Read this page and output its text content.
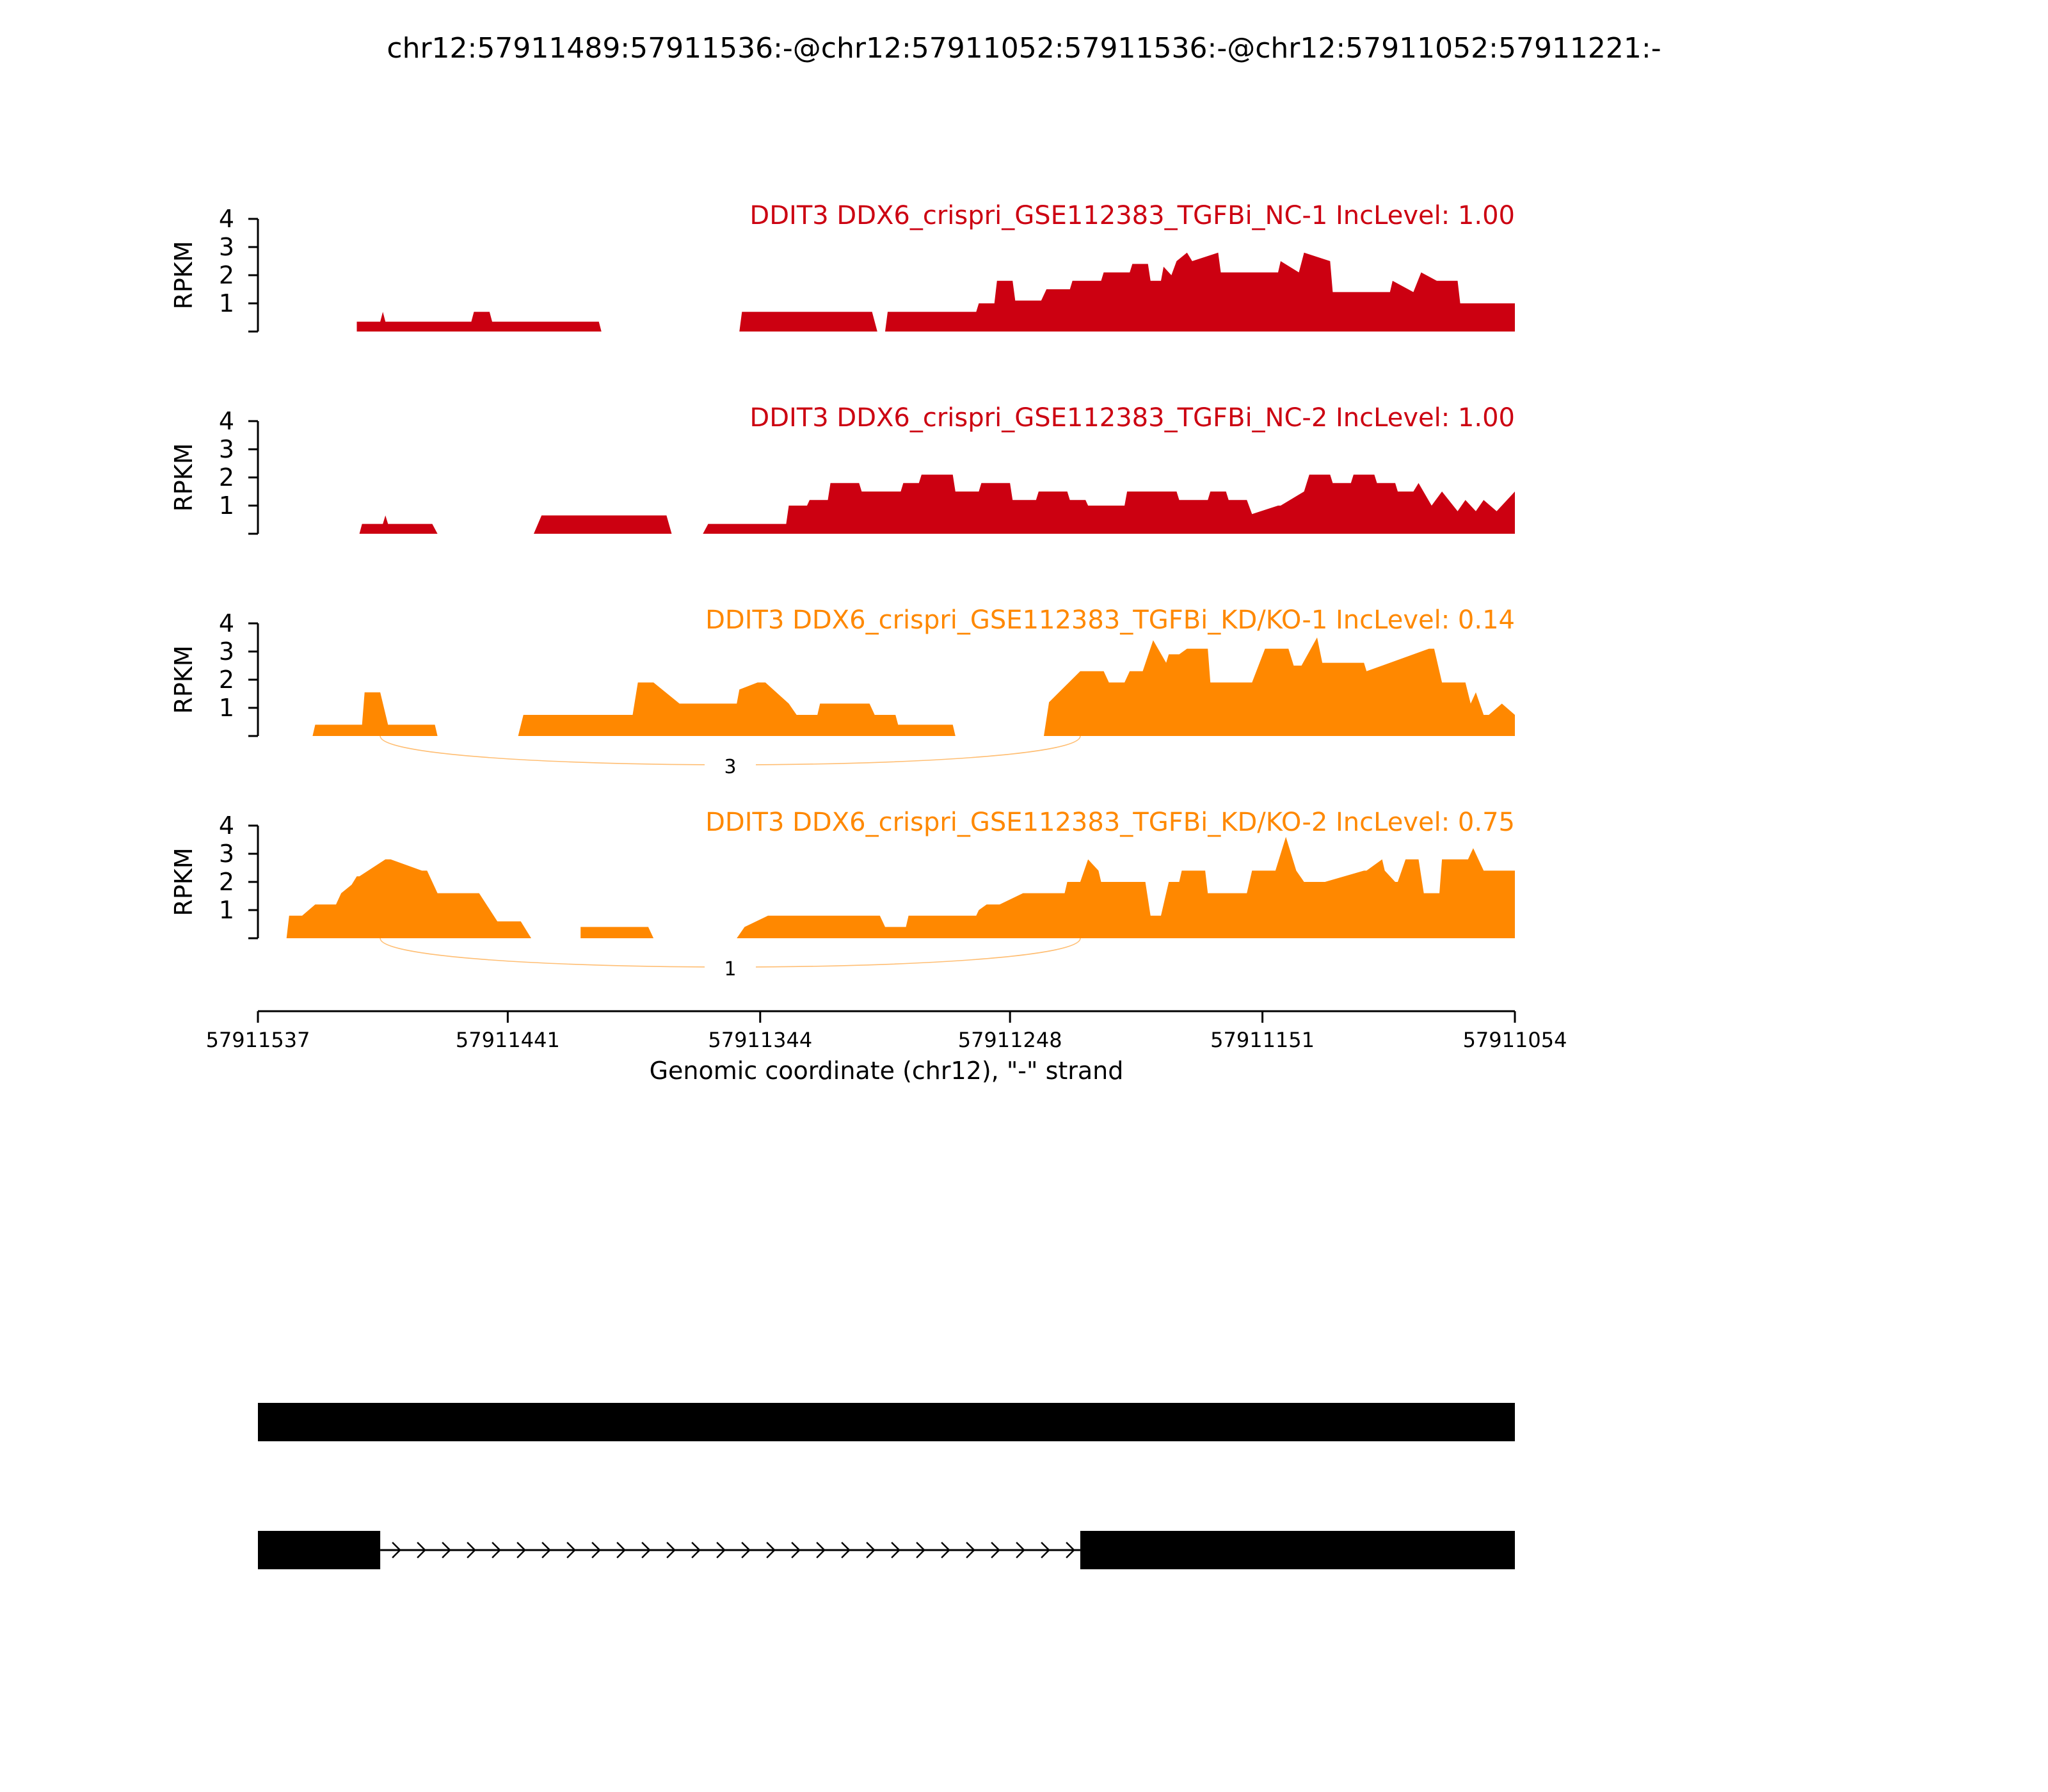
chr12:57911489:57911536:-@chr12:57911052:57911536:-@chr12:57911052:57911221:-
1
2
3
4
RPKM
DDIT3 DDX6_crispri_GSE112383_TGFBi_NC-1 IncLevel: 1.00
1
2
3
4
RPKM
DDIT3 DDX6_crispri_GSE112383_TGFBi_NC-2 IncLevel: 1.00
1
2
3
4
RPKM
DDIT3 DDX6_crispri_GSE112383_TGFBi_KD/KO-1 IncLevel: 0.14
1
2
3
4
RPKM
DDIT3 DDX6_crispri_GSE112383_TGFBi_KD/KO-2 IncLevel: 0.75
3
1
57911537	57911441	57911344	57911248	57911151	57911054
Genomic coordinate (chr12), "-" strand
